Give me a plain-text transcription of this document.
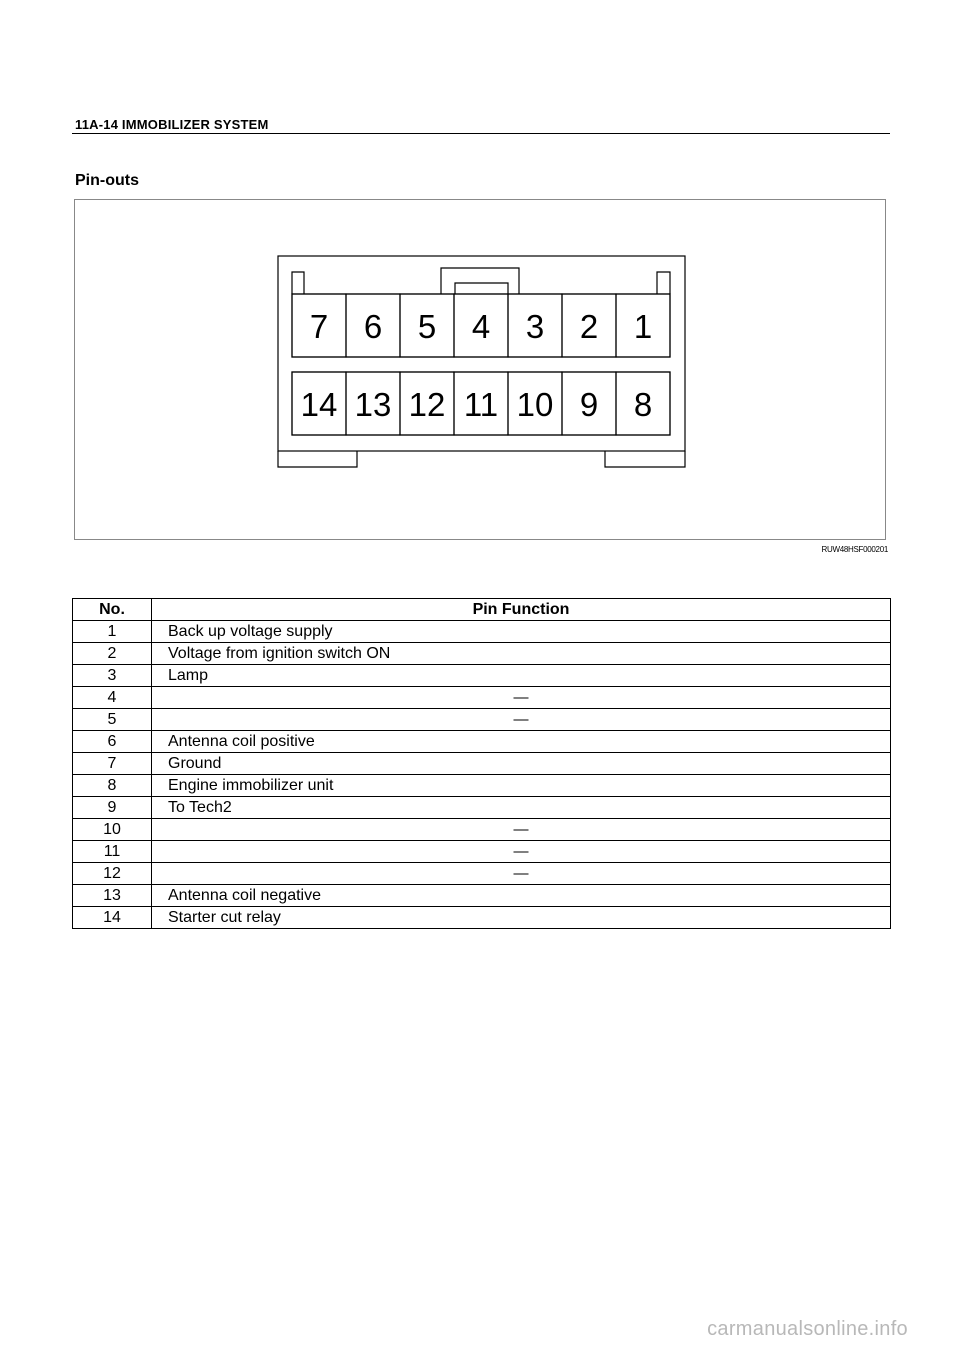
11A-14 IMMOBILIZER SYSTEM
Pin-outs
7 6 5 4 3 2 1
14 13 12 11 10 9 8
RUW48HSF000201
No.	Pin Function
1	Back up voltage supply
2	Voltage from ignition switch ON
3	Lamp
4	—
5	—
6	Antenna coil positive
7	Ground
8	Engine immobilizer unit
9	To Tech2
10	—
11	—
12	—
13	Antenna coil negative
14	Starter cut relay
carmanualsonline.info
